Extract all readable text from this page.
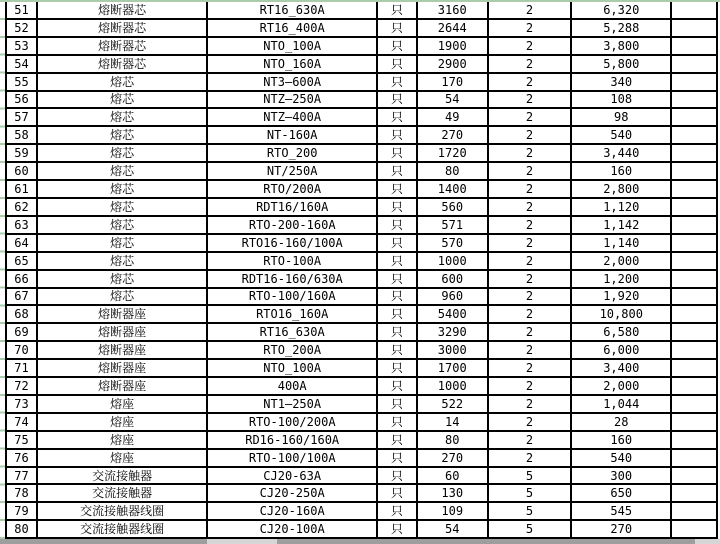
51	熔断器芯	RT16_630A	只	3160	2	6,320
52	熔断器芯	RT16_400A	只	2644	2	5,288
53	熔断器芯	NTO_100A	只	1900	2	3,800
54	熔断器芯	NTO_160A	只	2900	2	5,800
55	熔芯	NT3—600A	只	170	2	340
56	熔芯	NTZ—250A	只	54	2	108
57	熔芯	NTZ—400A	只	49	2	98
58	熔芯	NT-160A	只	270	2	540
59	熔芯	RTO_200	只	1720	2	3,440
60	熔芯	NT/250A	只	80	2	160
61	熔芯	RTO/200A	只	1400	2	2,800
62	熔芯	RDT16/160A	只	560	2	1,120
63	熔芯	RTO-200-160A	只	571	2	1,142
64	熔芯	RTO16-160/100A	只	570	2	1,140
65	熔芯	RTO-100A	只	1000	2	2,000
66	熔芯	RDT16-160/630A	只	600	2	1,200
67	熔芯	RTO-100/160A	只	960	2	1,920
68	熔断器座	RTO16_160A	只	5400	2	10,800
69	熔断器座	RT16_630A	只	3290	2	6,580
70	熔断器座	RTO_200A	只	3000	2	6,000
71	熔断器座	NTO_100A	只	1700	2	3,400
72	熔断器座	400A	只	1000	2	2,000
73	熔座	NT1—250A	只	522	2	1,044
74	熔座	RTO-100/200A	只	14	2	28
75	熔座	RD16-160/160A	只	80	2	160
76	熔座	RTO-100/100A	只	270	2	540
77	交流接触器	CJ20-63A	只	60	5	300
78	交流接触器	CJ20-250A	只	130	5	650
79	交流接触器线圈	CJ20-160A	只	109	5	545
80	交流接触器线圈	CJ20-100A	只	54	5	270
